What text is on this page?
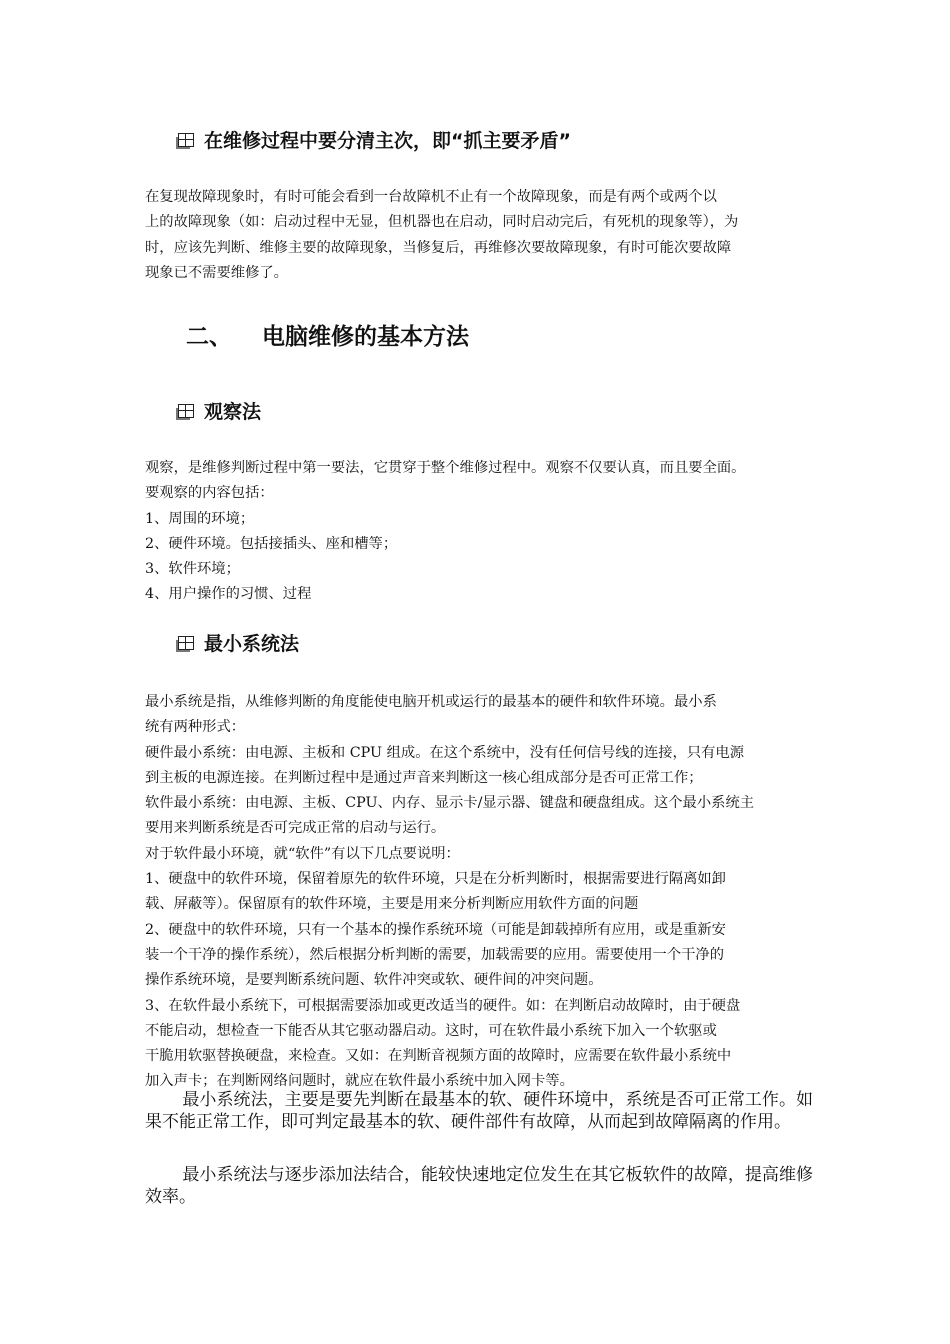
在维修过程中要分清主次，即“抓主要矛盾”
在复现故障现象时，有时可能会看到一台故障机不止有一个故障现象，而是有两个或两个以
上的故障现象（如：启动过程中无显，但机器也在启动，同时启动完后，有死机的现象等），为
时，应该先判断、维修主要的故障现象，当修复后，再维修次要故障现象，有时可能次要故障
现象已不需要维修了。
二、 电脑维修的基本方法
观察法
观察，是维修判断过程中第一要法，它贯穿于整个维修过程中。观察不仅要认真，而且要全面。
要观察的内容包括：
1、周围的环境；
2、硬件环境。包括接插头、座和槽等；
3、软件环境；
4、用户操作的习惯、过程
最小系统法
最小系统是指，从维修判断的角度能使电脑开机或运行的最基本的硬件和软件环境。最小系
统有两种形式：
硬件最小系统：由电源、主板和 CPU 组成。在这个系统中，没有任何信号线的连接，只有电源
到主板的电源连接。在判断过程中是通过声音来判断这一核心组成部分是否可正常工作；
软件最小系统：由电源、主板、CPU、内存、显示卡/显示器、键盘和硬盘组成。这个最小系统主
要用来判断系统是否可完成正常的启动与运行。
对于软件最小环境，就“软件”有以下几点要说明：
1、硬盘中的软件环境，保留着原先的软件环境，只是在分析判断时，根据需要进行隔离如卸
载、屏蔽等）。保留原有的软件环境，主要是用来分析判断应用软件方面的问题
2、硬盘中的软件环境，只有一个基本的操作系统环境（可能是卸载掉所有应用，或是重新安
装一个干净的操作系统），然后根据分析判断的需要，加载需要的应用。需要使用一个干净的
操作系统环境，是要判断系统问题、软件冲突或软、硬件间的冲突问题。
3、在软件最小系统下，可根据需要添加或更改适当的硬件。如：在判断启动故障时，由于硬盘
不能启动，想检查一下能否从其它驱动器启动。这时，可在软件最小系统下加入一个软驱或
干脆用软驱替换硬盘，来检查。又如：在判断音视频方面的故障时，应需要在软件最小系统中
加入声卡；在判断网络问题时，就应在软件最小系统中加入网卡等。
最小系统法，主要是要先判断在最基本的软、硬件环境中，系统是否可正常工作。如果不能正常工作，即可判定最基本的软、硬件部件有故障，从而起到故障隔离的作用。
最小系统法与逐步添加法结合，能较快速地定位发生在其它板软件的故障，提高维修效率。
